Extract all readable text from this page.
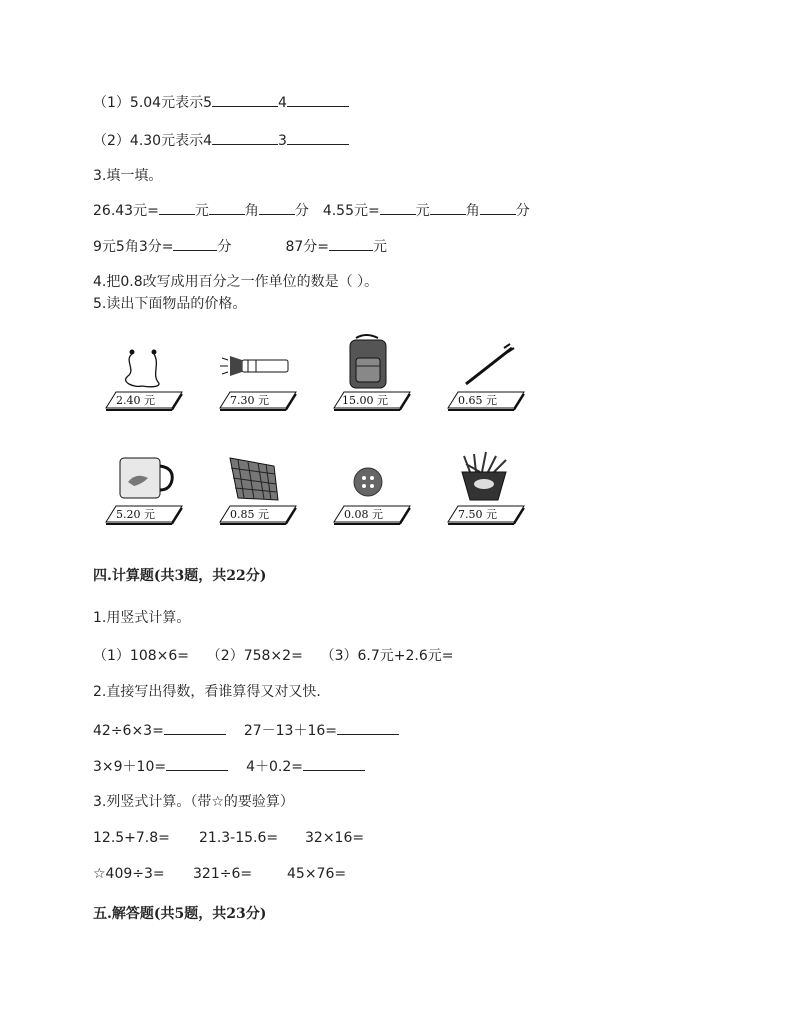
（1）5.04元表示5	4
（2）4.30元表示4	3
3.填一填。
26.43元=	元	角	分 4.55元=	元	角	分
9元5角3分=	分	87分=	元
4.把0.8改写成用百分之一作单位的数是（ ）。
5.读出下面物品的价格。
2.40 元	7.30 元	15.00 元	0.65 元
5.20 元	0.85 元	0.08 元	7.50 元
四.计算题(共3题，共22分)
1.用竖式计算。
（1）108×6=    （2）758×2=    （3）6.7元+2.6元=
2.直接写出得数，看谁算得又对又快.
42÷6×3=	27－13＋16=
3×9＋10=	4＋0.2=
3.列竖式计算。（带☆的要验算）
12.5+7.8= 21.3-15.6= 32×16=
☆409÷3= 321÷6= 45×76=
五.解答题(共5题，共23分)
